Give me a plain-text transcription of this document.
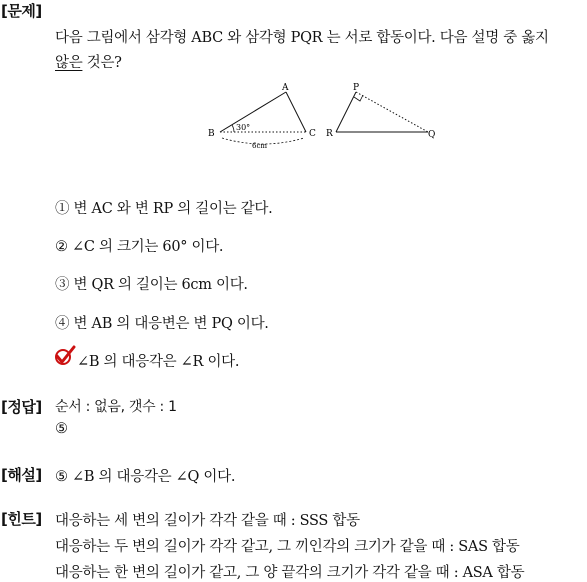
[문제]
다음 그림에서 삼각형 ABC 와 삼각형 PQR 는 서로 합동이다. 다음 설명 중 옳지
않은 것은?
A
B	C
30°
6cm
P
R	Q
① 변 AC 와 변 RP 의 길이는 같다.
② ∠C 의 크기는 60° 이다.
③ 변 QR 의 길이는 6cm 이다.
④ 변 AB 의 대응변은 변 PQ 이다.
∠B 의 대응각은 ∠R 이다.
[정답] 순서 : 없음, 갯수 : 1
⑤
[해설] ⑤ ∠B 의 대응각은 ∠Q 이다.
[힌트] 대응하는 세 변의 길이가 각각 같을 때 : SSS 합동
대응하는 두 변의 길이가 각각 같고, 그 끼인각의 크기가 같을 때 : SAS 합동
대응하는 한 변의 길이가 같고, 그 양 끝각의 크기가 각각 같을 때 : ASA 합동
